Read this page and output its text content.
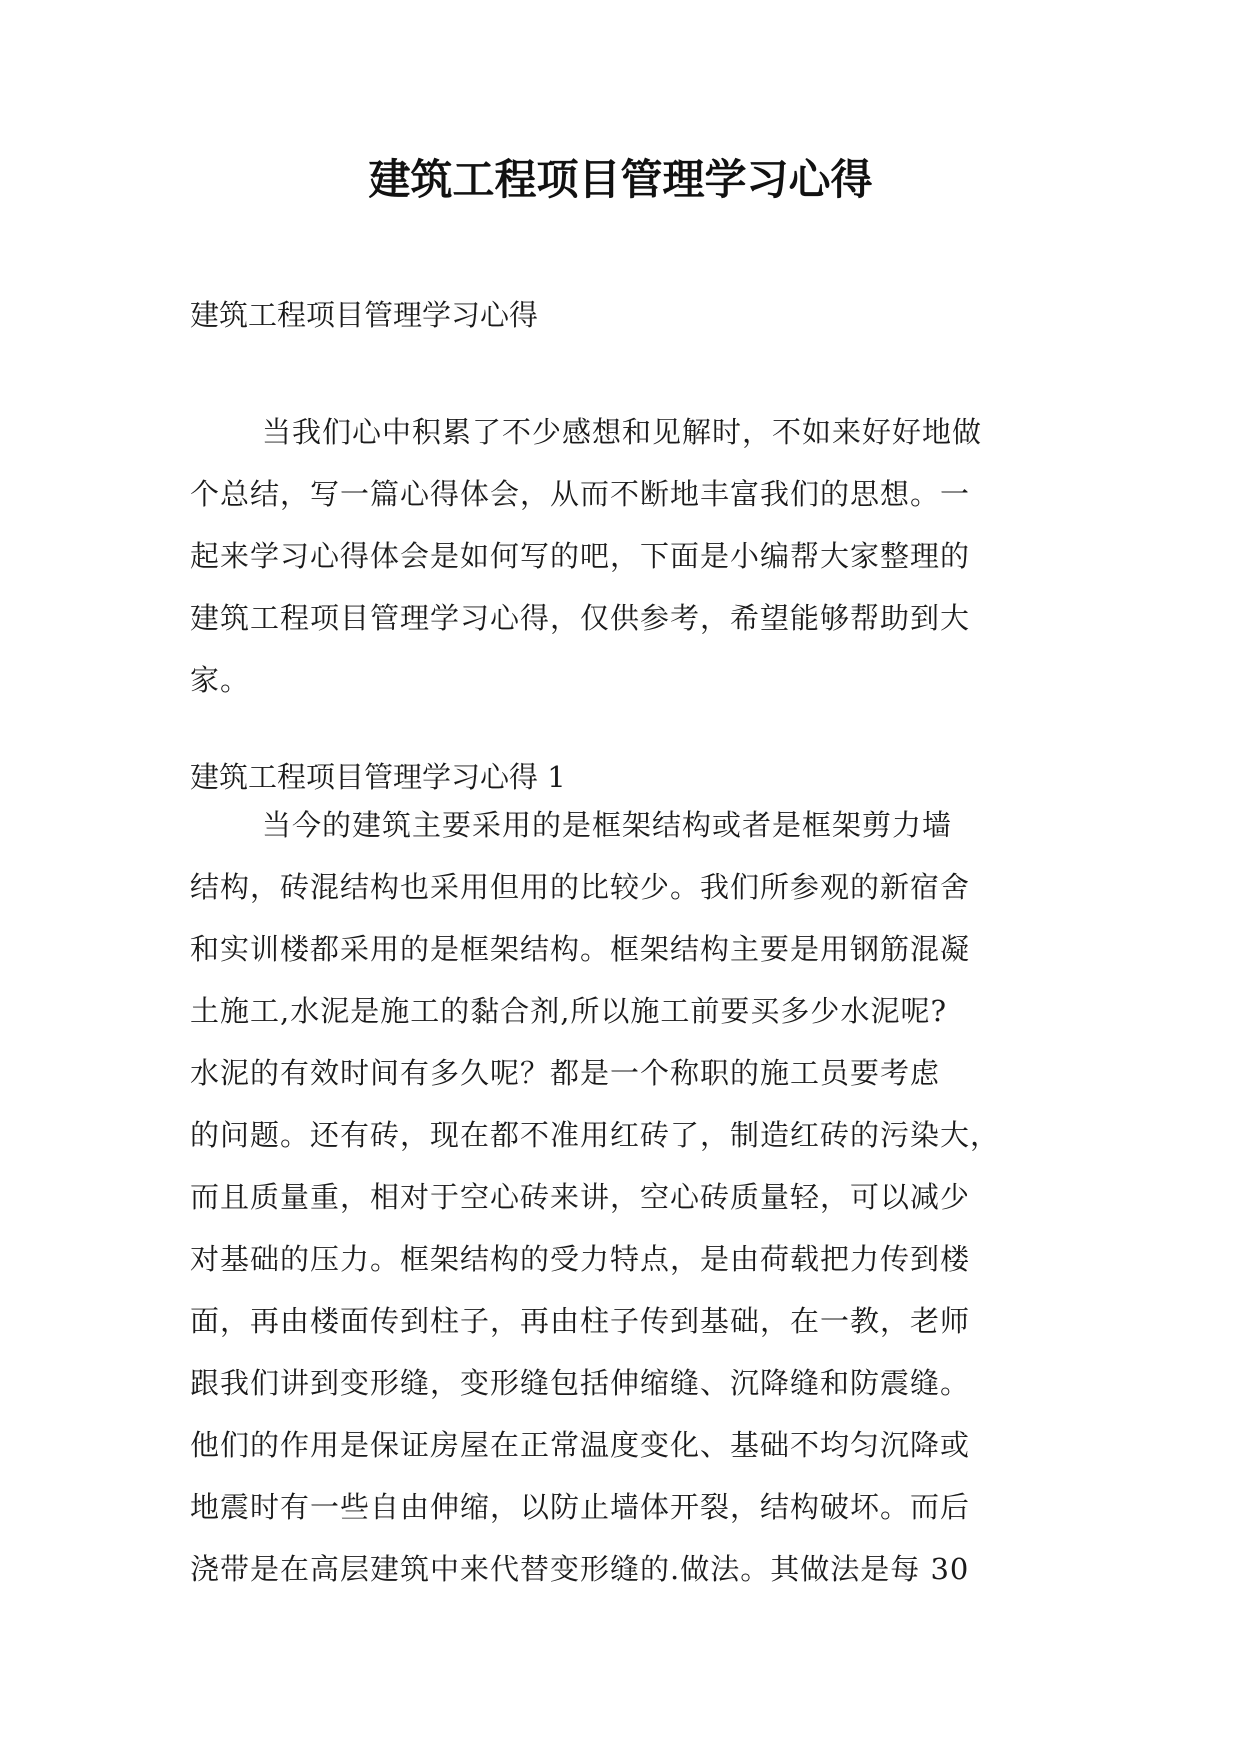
建筑工程项目管理学习心得

建筑工程项目管理学习心得

当我们心中积累了不少感想和见解时，不如来好好地做
个总结，写一篇心得体会，从而不断地丰富我们的思想。一
起来学习心得体会是如何写的吧，下面是小编帮大家整理的
建筑工程项目管理学习心得，仅供参考，希望能够帮助到大
家。

建筑工程项目管理学习心得 1

当今的建筑主要采用的是框架结构或者是框架剪力墙
结构，砖混结构也采用但用的比较少。我们所参观的新宿舍
和实训楼都采用的是框架结构。框架结构主要是用钢筋混凝
土施工,水泥是施工的黏合剂,所以施工前要买多少水泥呢?
水泥的有效时间有多久呢？都是一个称职的施工员要考虑
的问题。还有砖，现在都不准用红砖了，制造红砖的污染大，
而且质量重，相对于空心砖来讲，空心砖质量轻，可以减少
对基础的压力。框架结构的受力特点，是由荷载把力传到楼
面，再由楼面传到柱子，再由柱子传到基础，在一教，老师
跟我们讲到变形缝，变形缝包括伸缩缝、沉降缝和防震缝。
他们的作用是保证房屋在正常温度变化、基础不均匀沉降或
地震时有一些自由伸缩，以防止墙体开裂，结构破坏。而后
浇带是在高层建筑中来代替变形缝的.做法。其做法是每 30
